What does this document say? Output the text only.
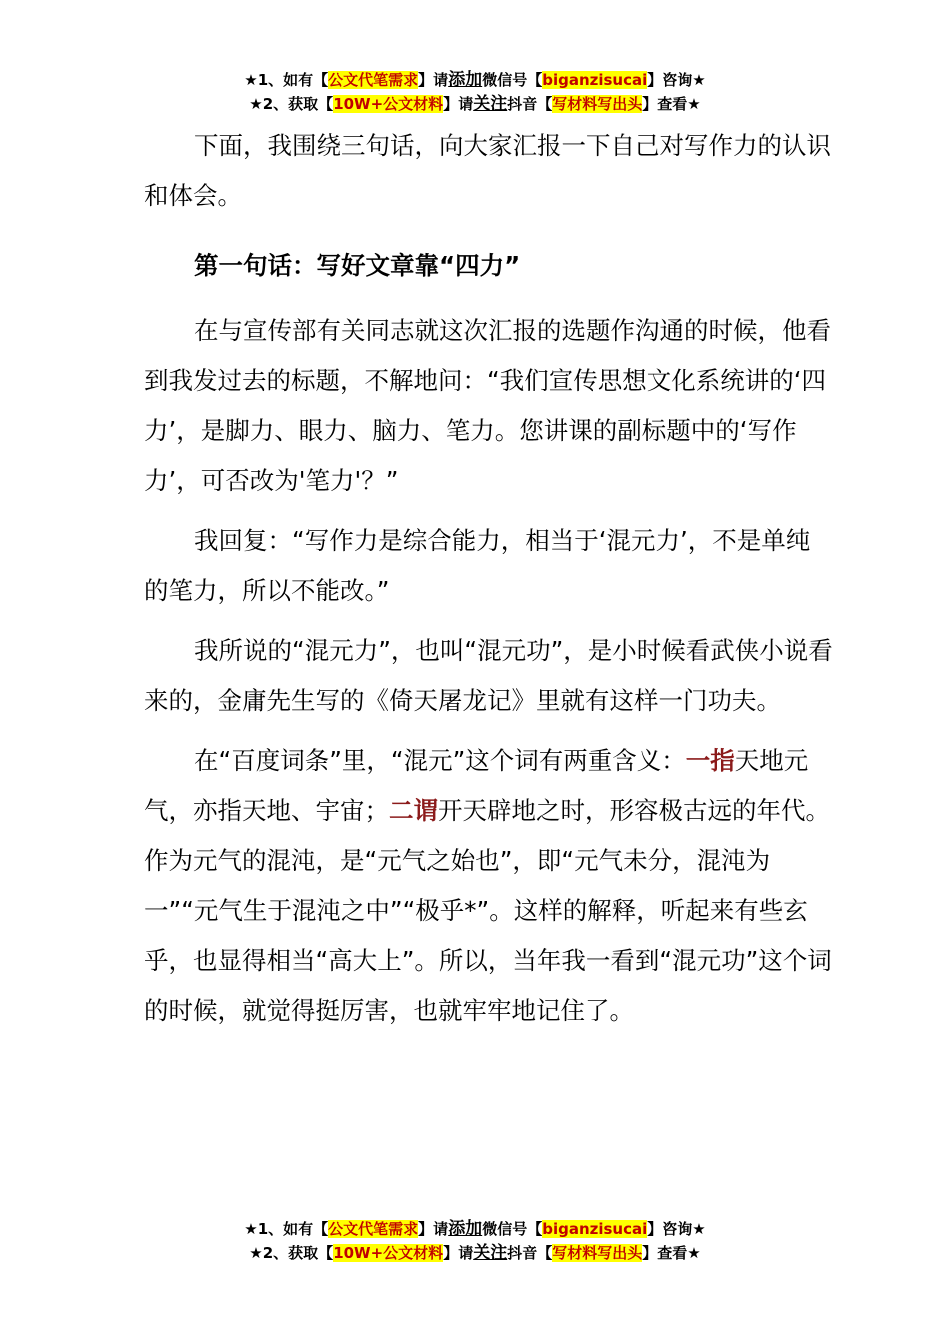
★1、如有【公文代笔需求】请添加微信号【biganzisucai】咨询★
★2、获取【10W+公文材料】请关注抖音【写材料写出头】查看★

下面，我围绕三句话，向大家汇报一下自己对写作力的认识和体会。

第一句话：写好文章靠“四力”

在与宣传部有关同志就这次汇报的选题作沟通的时候，他看到我发过去的标题，不解地问：“我们宣传思想文化系统讲的‘四力’，是脚力、眼力、脑力、笔力。您讲课的副标题中的‘写作力’，可否改为'笔力'？”

我回复：“写作力是综合能力，相当于‘混元力’，不是单纯的笔力，所以不能改。”

我所说的“混元力”，也叫“混元功”，是小时候看武侠小说看来的，金庸先生写的《倚天屠龙记》里就有这样一门功夫。

在“百度词条”里，“混元”这个词有两重含义：一指天地元气，亦指天地、宇宙；二谓开天辟地之时，形容极古远的年代。作为元气的混沌，是“元气之始也”，即“元气未分，混沌为一”“元气生于混沌之中”“极乎*”。这样的解释，听起来有些玄乎，也显得相当“高大上”。所以，当年我一看到“混元功”这个词的时候，就觉得挺厉害，也就牢牢地记住了。

★1、如有【公文代笔需求】请添加微信号【biganzisucai】咨询★
★2、获取【10W+公文材料】请关注抖音【写材料写出头】查看★
